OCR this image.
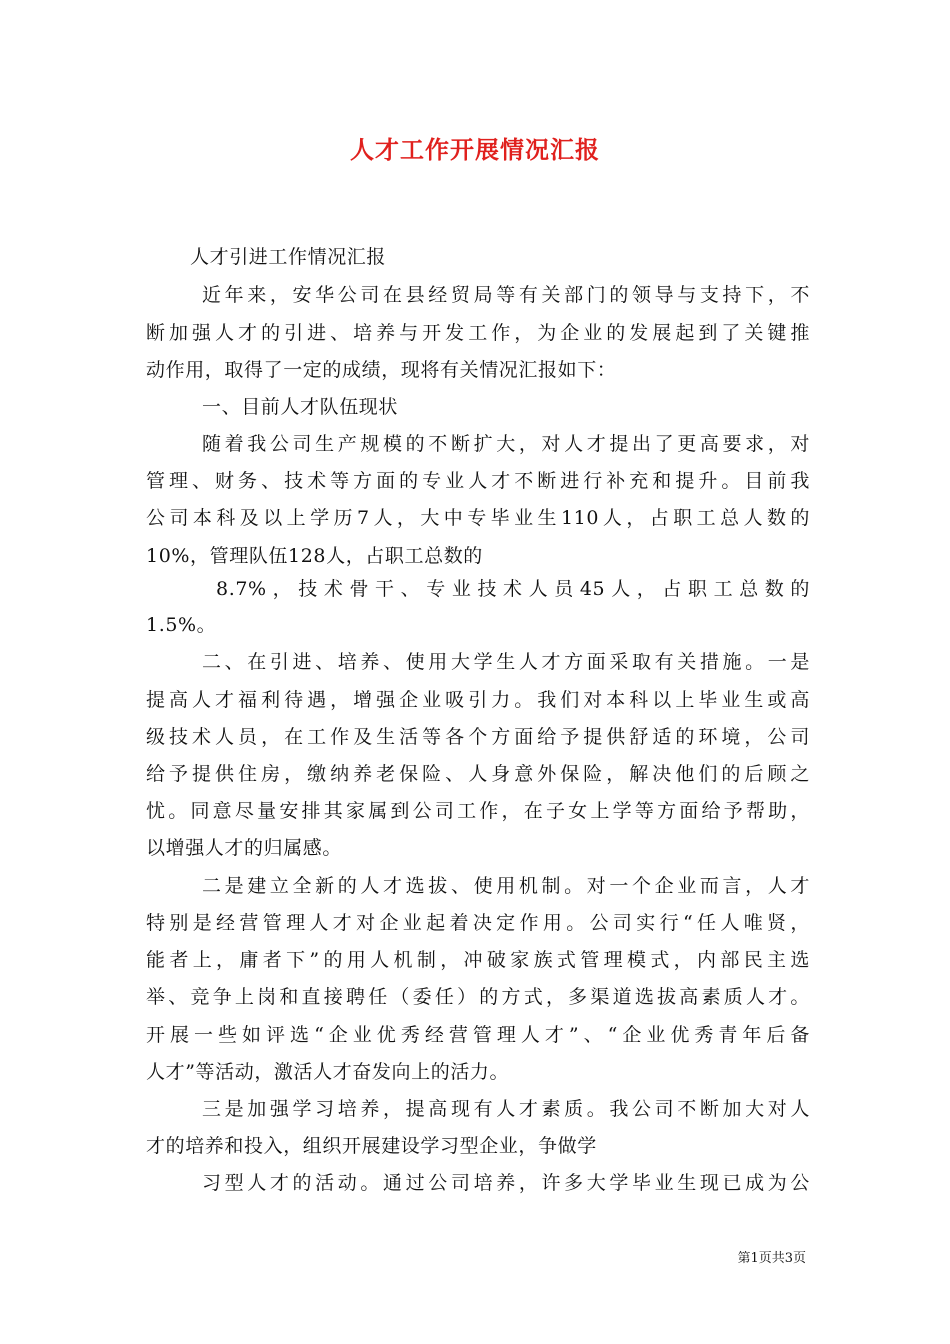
人才工作开展情况汇报
人才引进工作情况汇报
近年来，安华公司在县经贸局等有关部门的领导与支持下，不
断加强人才的引进、培养与开发工作，为企业的发展起到了关键推
动作用，取得了一定的成绩，现将有关情况汇报如下：
一、目前人才队伍现状
随着我公司生产规模的不断扩大，对人才提出了更高要求，对
管理、财务、技术等方面的专业人才不断进行补充和提升。目前我
公司本科及以上学历7人，大中专毕业生110人，占职工总人数的
10%，管理队伍128人，占职工总数的
8.7%，技术骨干、专业技术人员45人，占职工总数的
1.5%。
二、在引进、培养、使用大学生人才方面采取有关措施。一是
提高人才福利待遇，增强企业吸引力。我们对本科以上毕业生或高
级技术人员，在工作及生活等各个方面给予提供舒适的环境，公司
给予提供住房，缴纳养老保险、人身意外保险，解决他们的后顾之
忧。同意尽量安排其家属到公司工作，在子女上学等方面给予帮助，
以增强人才的归属感。
二是建立全新的人才选拔、使用机制。对一个企业而言，人才
特别是经营管理人才对企业起着决定作用。公司实行“任人唯贤，
能者上，庸者下”的用人机制，冲破家族式管理模式，内部民主选
举、竞争上岗和直接聘任（委任）的方式，多渠道选拔高素质人才。
开展一些如评选“企业优秀经营管理人才”、“企业优秀青年后备
人才”等活动，激活人才奋发向上的活力。
三是加强学习培养，提高现有人才素质。我公司不断加大对人
才的培养和投入，组织开展建设学习型企业，争做学
习型人才的活动。通过公司培养，许多大学毕业生现已成为公
第1页共3页
